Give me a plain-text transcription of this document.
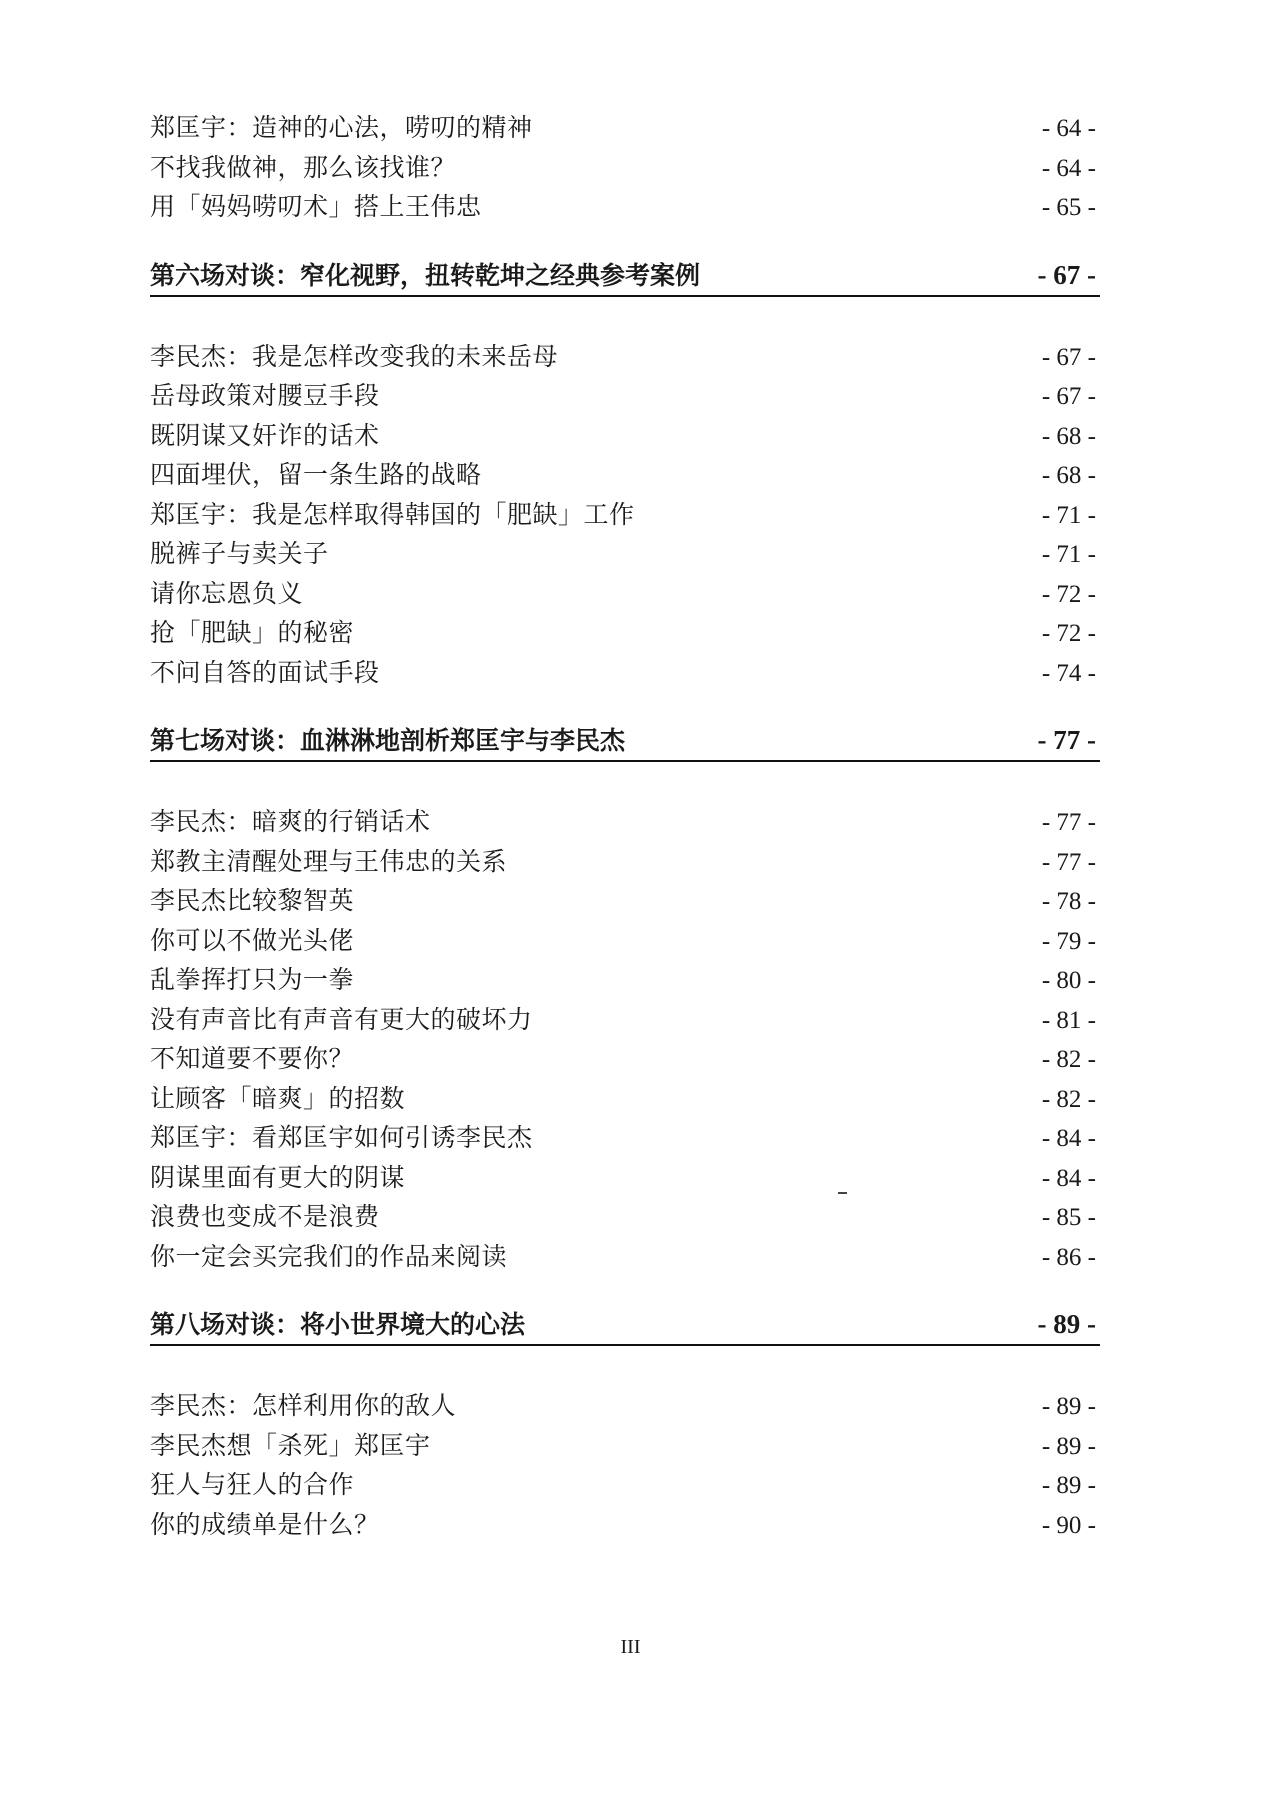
郑匡宇：造神的心法，唠叨的精神	- 64 -
不找我做神，那么该找谁？	- 64 -
用「妈妈唠叨术」搭上王伟忠	- 65 -
第六场对谈：窄化视野，扭转乾坤之经典参考案例	- 67 -
李民杰：我是怎样改变我的未来岳母	- 67 -
岳母政策对腰豆手段	- 67 -
既阴谋又奸诈的话术	- 68 -
四面埋伏，留一条生路的战略	- 68 -
郑匡宇：我是怎样取得韩国的「肥缺」工作	- 71 -
脱裤子与卖关子	- 71 -
请你忘恩负义	- 72 -
抢「肥缺」的秘密	- 72 -
不问自答的面试手段	- 74 -
第七场对谈：血淋淋地剖析郑匡宇与李民杰	- 77 -
李民杰：暗爽的行销话术	- 77 -
郑教主清醒处理与王伟忠的关系	- 77 -
李民杰比较黎智英	- 78 -
你可以不做光头佬	- 79 -
乱拳挥打只为一拳	- 80 -
没有声音比有声音有更大的破坏力	- 81 -
不知道要不要你？	- 82 -
让顾客「暗爽」的招数	- 82 -
郑匡宇：看郑匡宇如何引诱李民杰	- 84 -
阴谋里面有更大的阴谋	- 84 -
浪费也变成不是浪费	- 85 -
你一定会买完我们的作品来阅读	- 86 -
第八场对谈：将小世界境大的心法	- 89 -
李民杰：怎样利用你的敌人	- 89 -
李民杰想「杀死」郑匡宇	- 89 -
狂人与狂人的合作	- 89 -
你的成绩单是什么？	- 90 -
III
